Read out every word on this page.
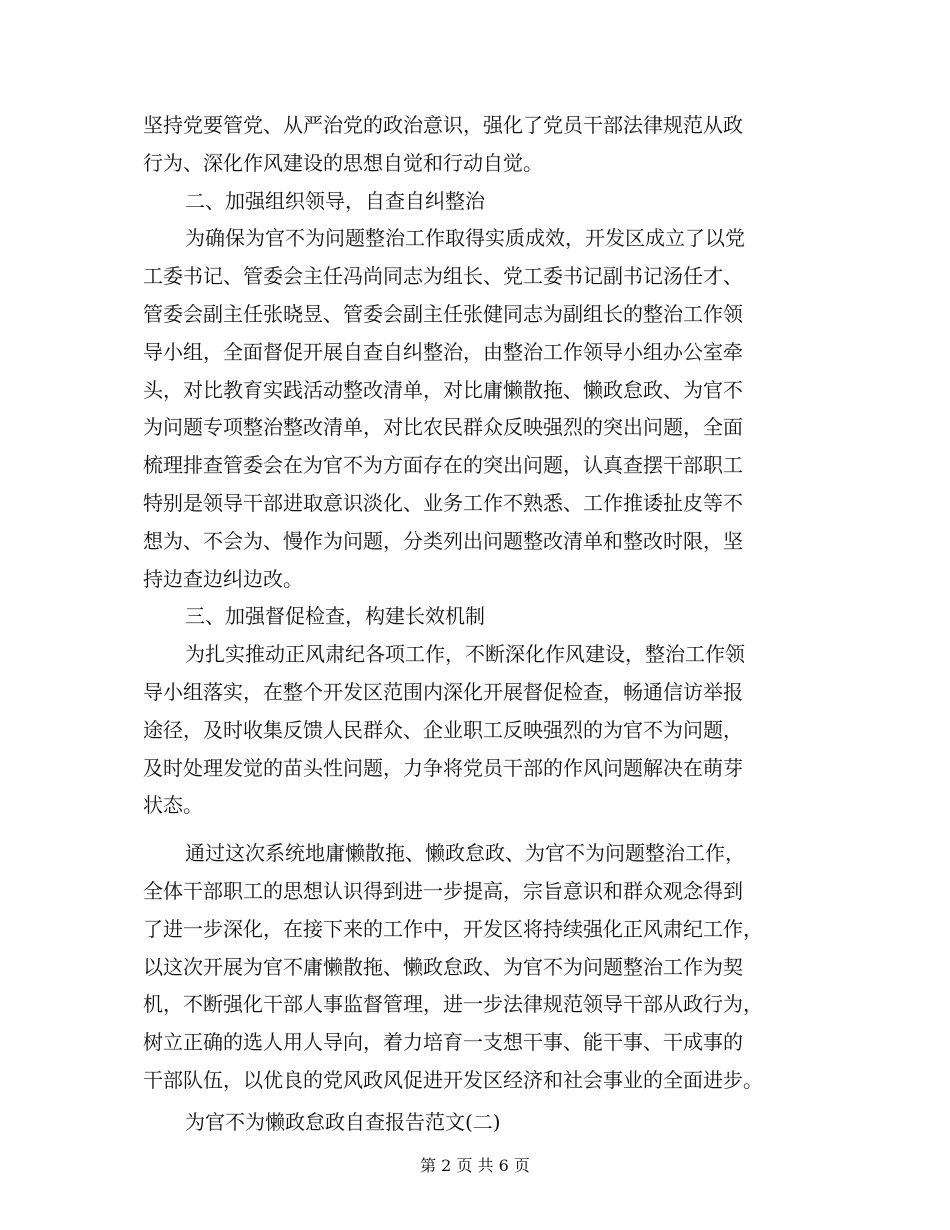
坚持党要管党、从严治党的政治意识，强化了党员干部法律规范从政
行为、深化作风建设的思想自觉和行动自觉。
二、加强组织领导，自查自纠整治
为确保为官不为问题整治工作取得实质成效，开发区成立了以党
工委书记、管委会主任冯尚同志为组长、党工委书记副书记汤任才、
管委会副主任张晓昱、管委会副主任张健同志为副组长的整治工作领
导小组，全面督促开展自查自纠整治，由整治工作领导小组办公室牵
头，对比教育实践活动整改清单，对比庸懒散拖、懒政怠政、为官不
为问题专项整治整改清单，对比农民群众反映强烈的突出问题，全面
梳理排查管委会在为官不为方面存在的突出问题，认真查摆干部职工
特别是领导干部进取意识淡化、业务工作不熟悉、工作推诿扯皮等不
想为、不会为、慢作为问题，分类列出问题整改清单和整改时限，坚
持边查边纠边改。
三、加强督促检查，构建长效机制
为扎实推动正风肃纪各项工作，不断深化作风建设，整治工作领
导小组落实，在整个开发区范围内深化开展督促检查，畅通信访举报
途径，及时收集反馈人民群众、企业职工反映强烈的为官不为问题，
及时处理发觉的苗头性问题，力争将党员干部的作风问题解决在萌芽
状态。
通过这次系统地庸懒散拖、懒政怠政、为官不为问题整治工作，
全体干部职工的思想认识得到进一步提高，宗旨意识和群众观念得到
了进一步深化，在接下来的工作中，开发区将持续强化正风肃纪工作，
以这次开展为官不庸懒散拖、懒政怠政、为官不为问题整治工作为契
机，不断强化干部人事监督管理，进一步法律规范领导干部从政行为，
树立正确的选人用人导向，着力培育一支想干事、能干事、干成事的
干部队伍，以优良的党风政风促进开发区经济和社会事业的全面进步。
为官不为懒政怠政自查报告范文(二)
第 2 页 共 6 页
